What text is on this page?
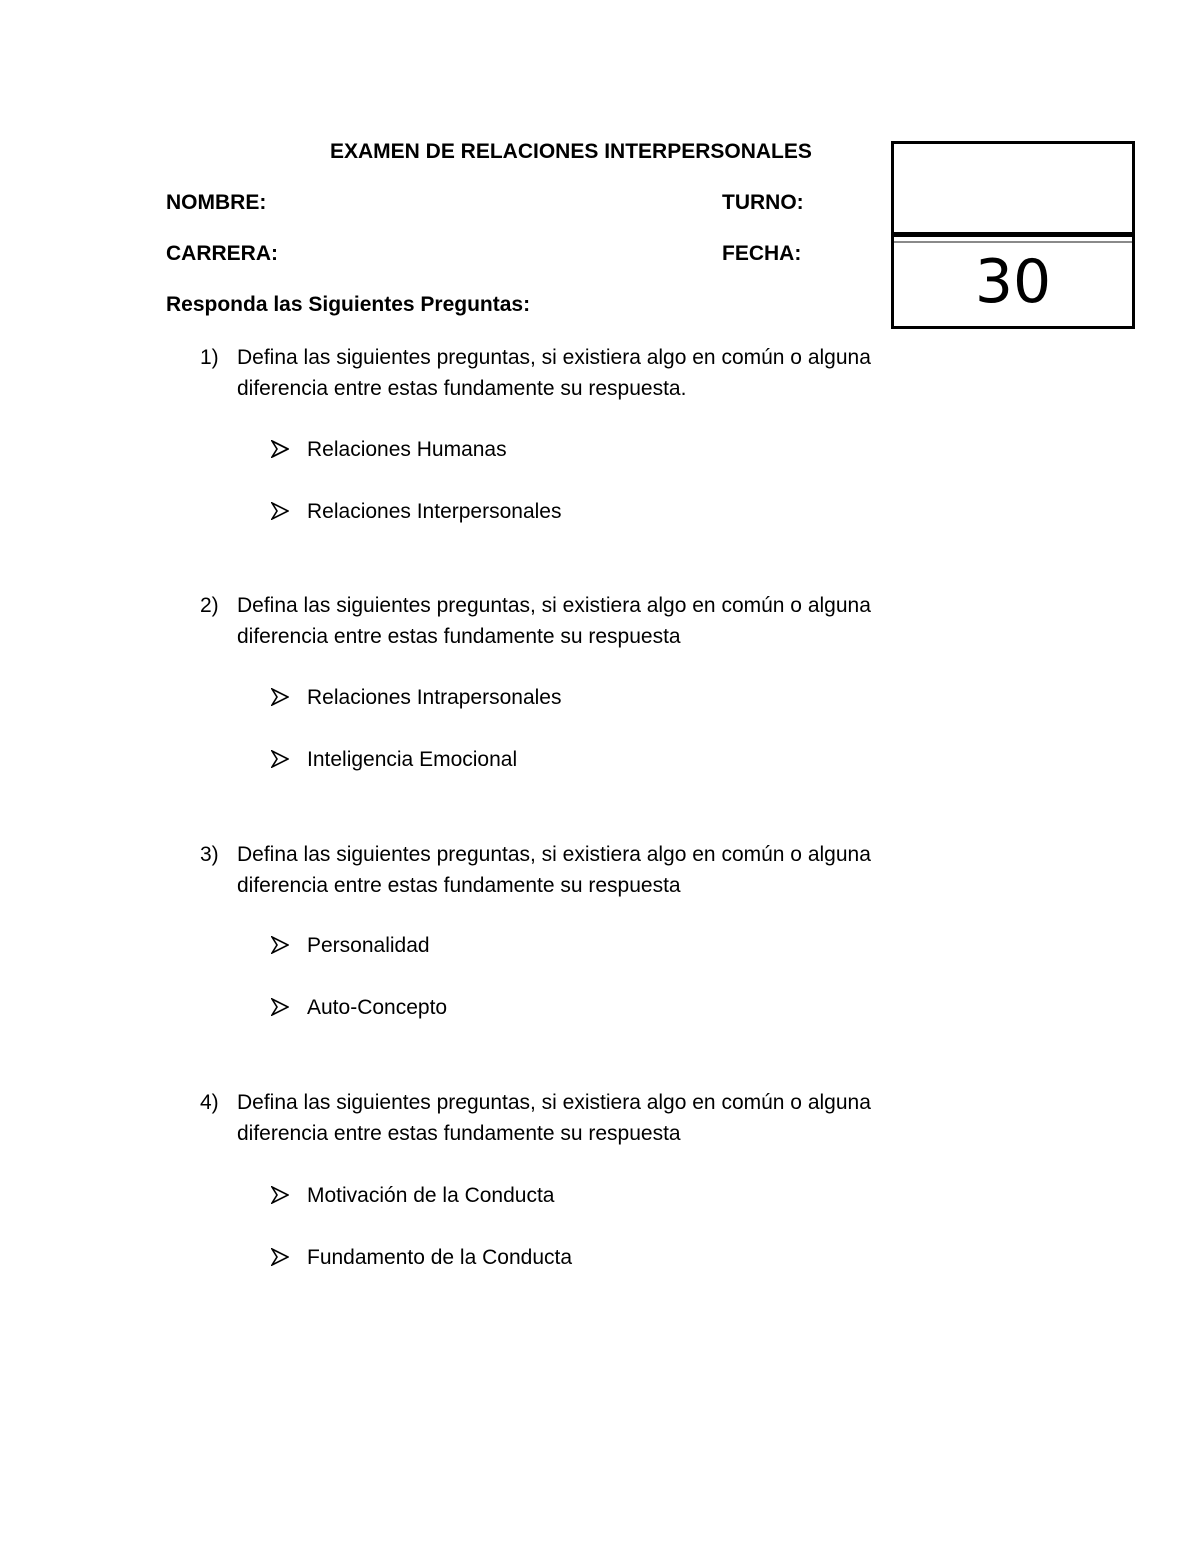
EXAMEN DE RELACIONES INTERPERSONALES
NOMBRE:	TURNO:
CARRERA:	FECHA:
Responda las Siguientes Preguntas:	30
1) Defina las siguientes preguntas, si existiera algo en común o alguna diferencia entre estas fundamente su respuesta.
Relaciones Humanas
Relaciones Interpersonales
2) Defina las siguientes preguntas, si existiera algo en común o alguna diferencia entre estas fundamente su respuesta
Relaciones Intrapersonales
Inteligencia Emocional
3) Defina las siguientes preguntas, si existiera algo en común o alguna diferencia entre estas fundamente su respuesta
Personalidad
Auto-Concepto
4) Defina las siguientes preguntas, si existiera algo en común o alguna diferencia entre estas fundamente su respuesta
Motivación de la Conducta
Fundamento de la Conducta
